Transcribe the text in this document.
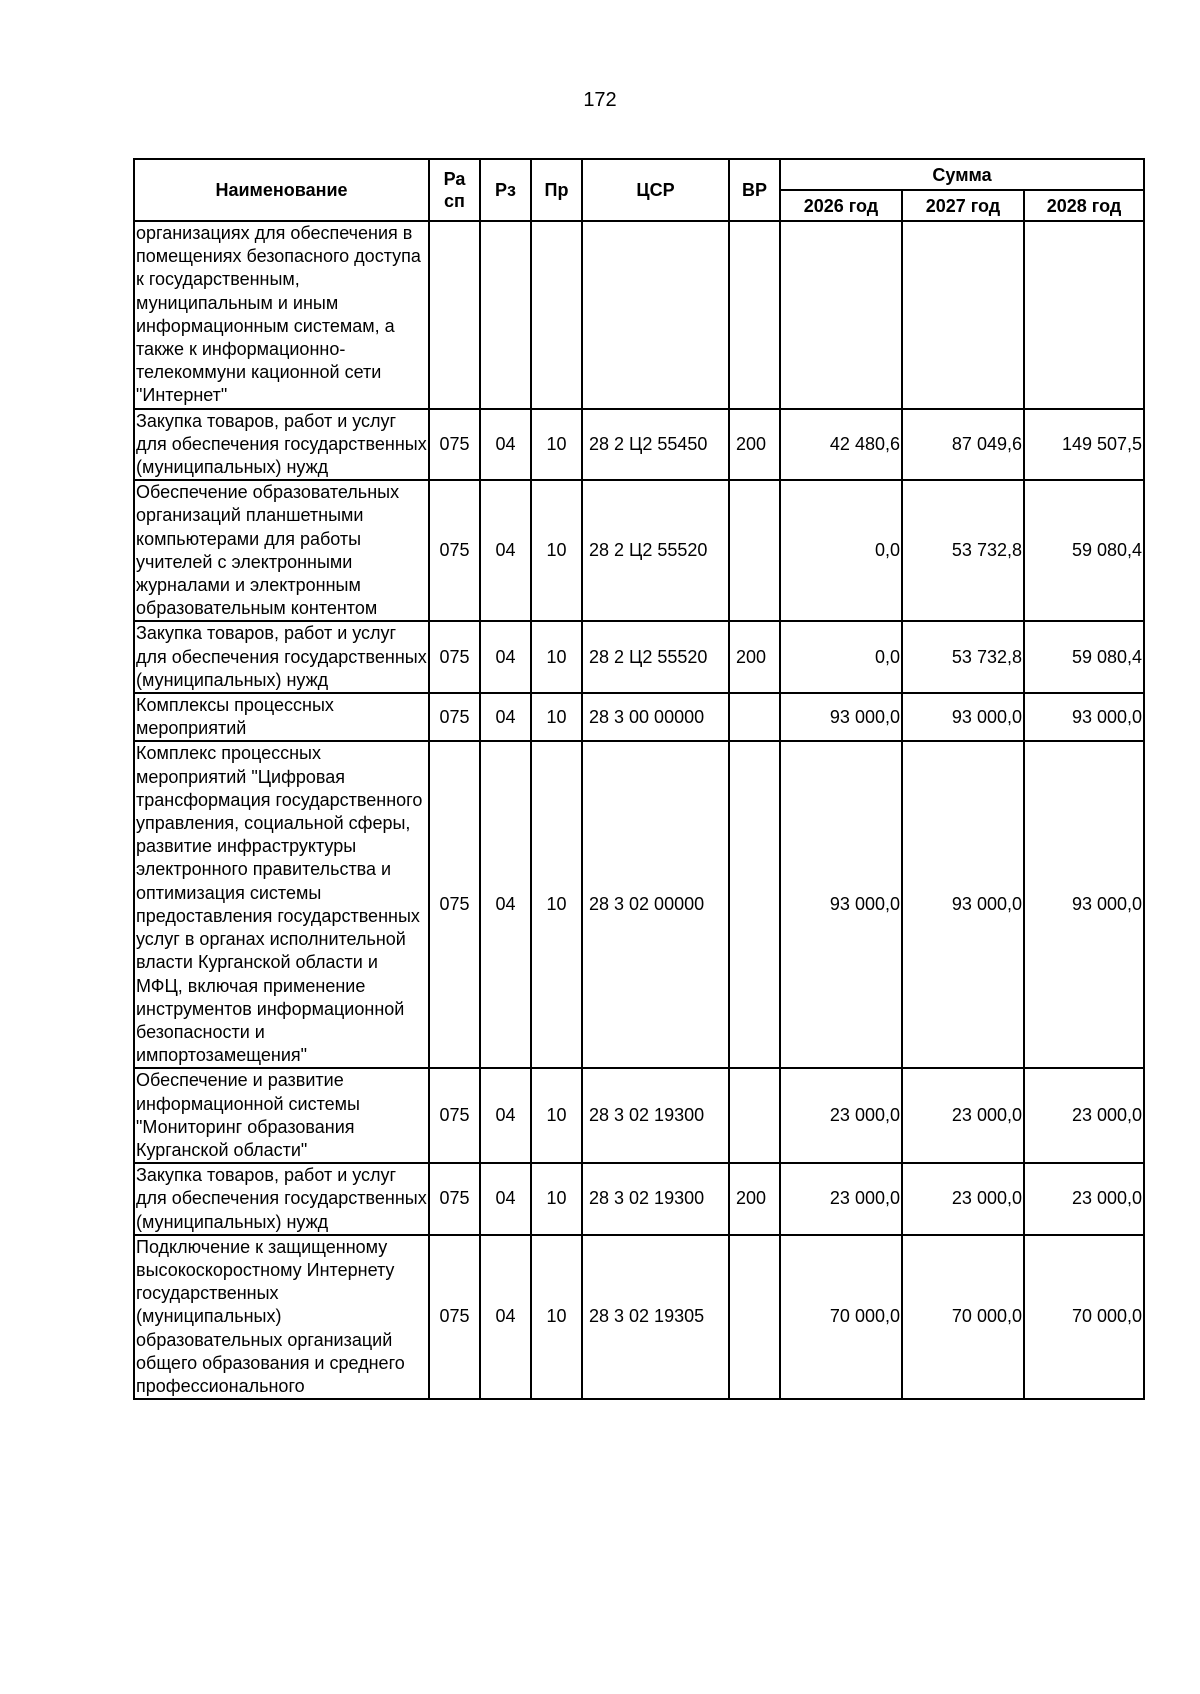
172
Наименование	Ра сп	Рз	Пр	ЦСР	ВР	Сумма		
						2026 год	2027 год	2028 год
организациях для обеспечения в помещениях безопасного доступа к государственным, муниципальным и иным информационным системам, а также к информационно-телекоммуни кационной сети "Интернет"								
Закупка товаров, работ и услуг для обеспечения государственных (муниципальных) нужд	075	04	10	28 2 Ц2 55450	200	42 480,6	87 049,6	149 507,5
Обеспечение образовательных организаций планшетными компьютерами для работы учителей с электронными журналами и электронным образовательным контентом	075	04	10	28 2 Ц2 55520		0,0	53 732,8	59 080,4
Закупка товаров, работ и услуг для обеспечения государственных (муниципальных) нужд	075	04	10	28 2 Ц2 55520	200	0,0	53 732,8	59 080,4
Комплексы процессных мероприятий	075	04	10	28 3 00 00000		93 000,0	93 000,0	93 000,0
Комплекс процессных мероприятий "Цифровая трансформация государственного управления, социальной сферы, развитие инфраструктуры электронного правительства и оптимизация системы предоставления государственных услуг в органах исполнительной власти Курганской области и МФЦ, включая применение инструментов информационной безопасности и импортозамещения"	075	04	10	28 3 02 00000		93 000,0	93 000,0	93 000,0
Обеспечение и развитие информационной системы "Мониторинг образования Курганской области"	075	04	10	28 3 02 19300		23 000,0	23 000,0	23 000,0
Закупка товаров, работ и услуг для обеспечения государственных (муниципальных) нужд	075	04	10	28 3 02 19300	200	23 000,0	23 000,0	23 000,0
Подключение к защищенному высокоскоростному Интернету государственных (муниципальных) образовательных организаций общего образования и среднего профессионального	075	04	10	28 3 02 19305		70 000,0	70 000,0	70 000,0
